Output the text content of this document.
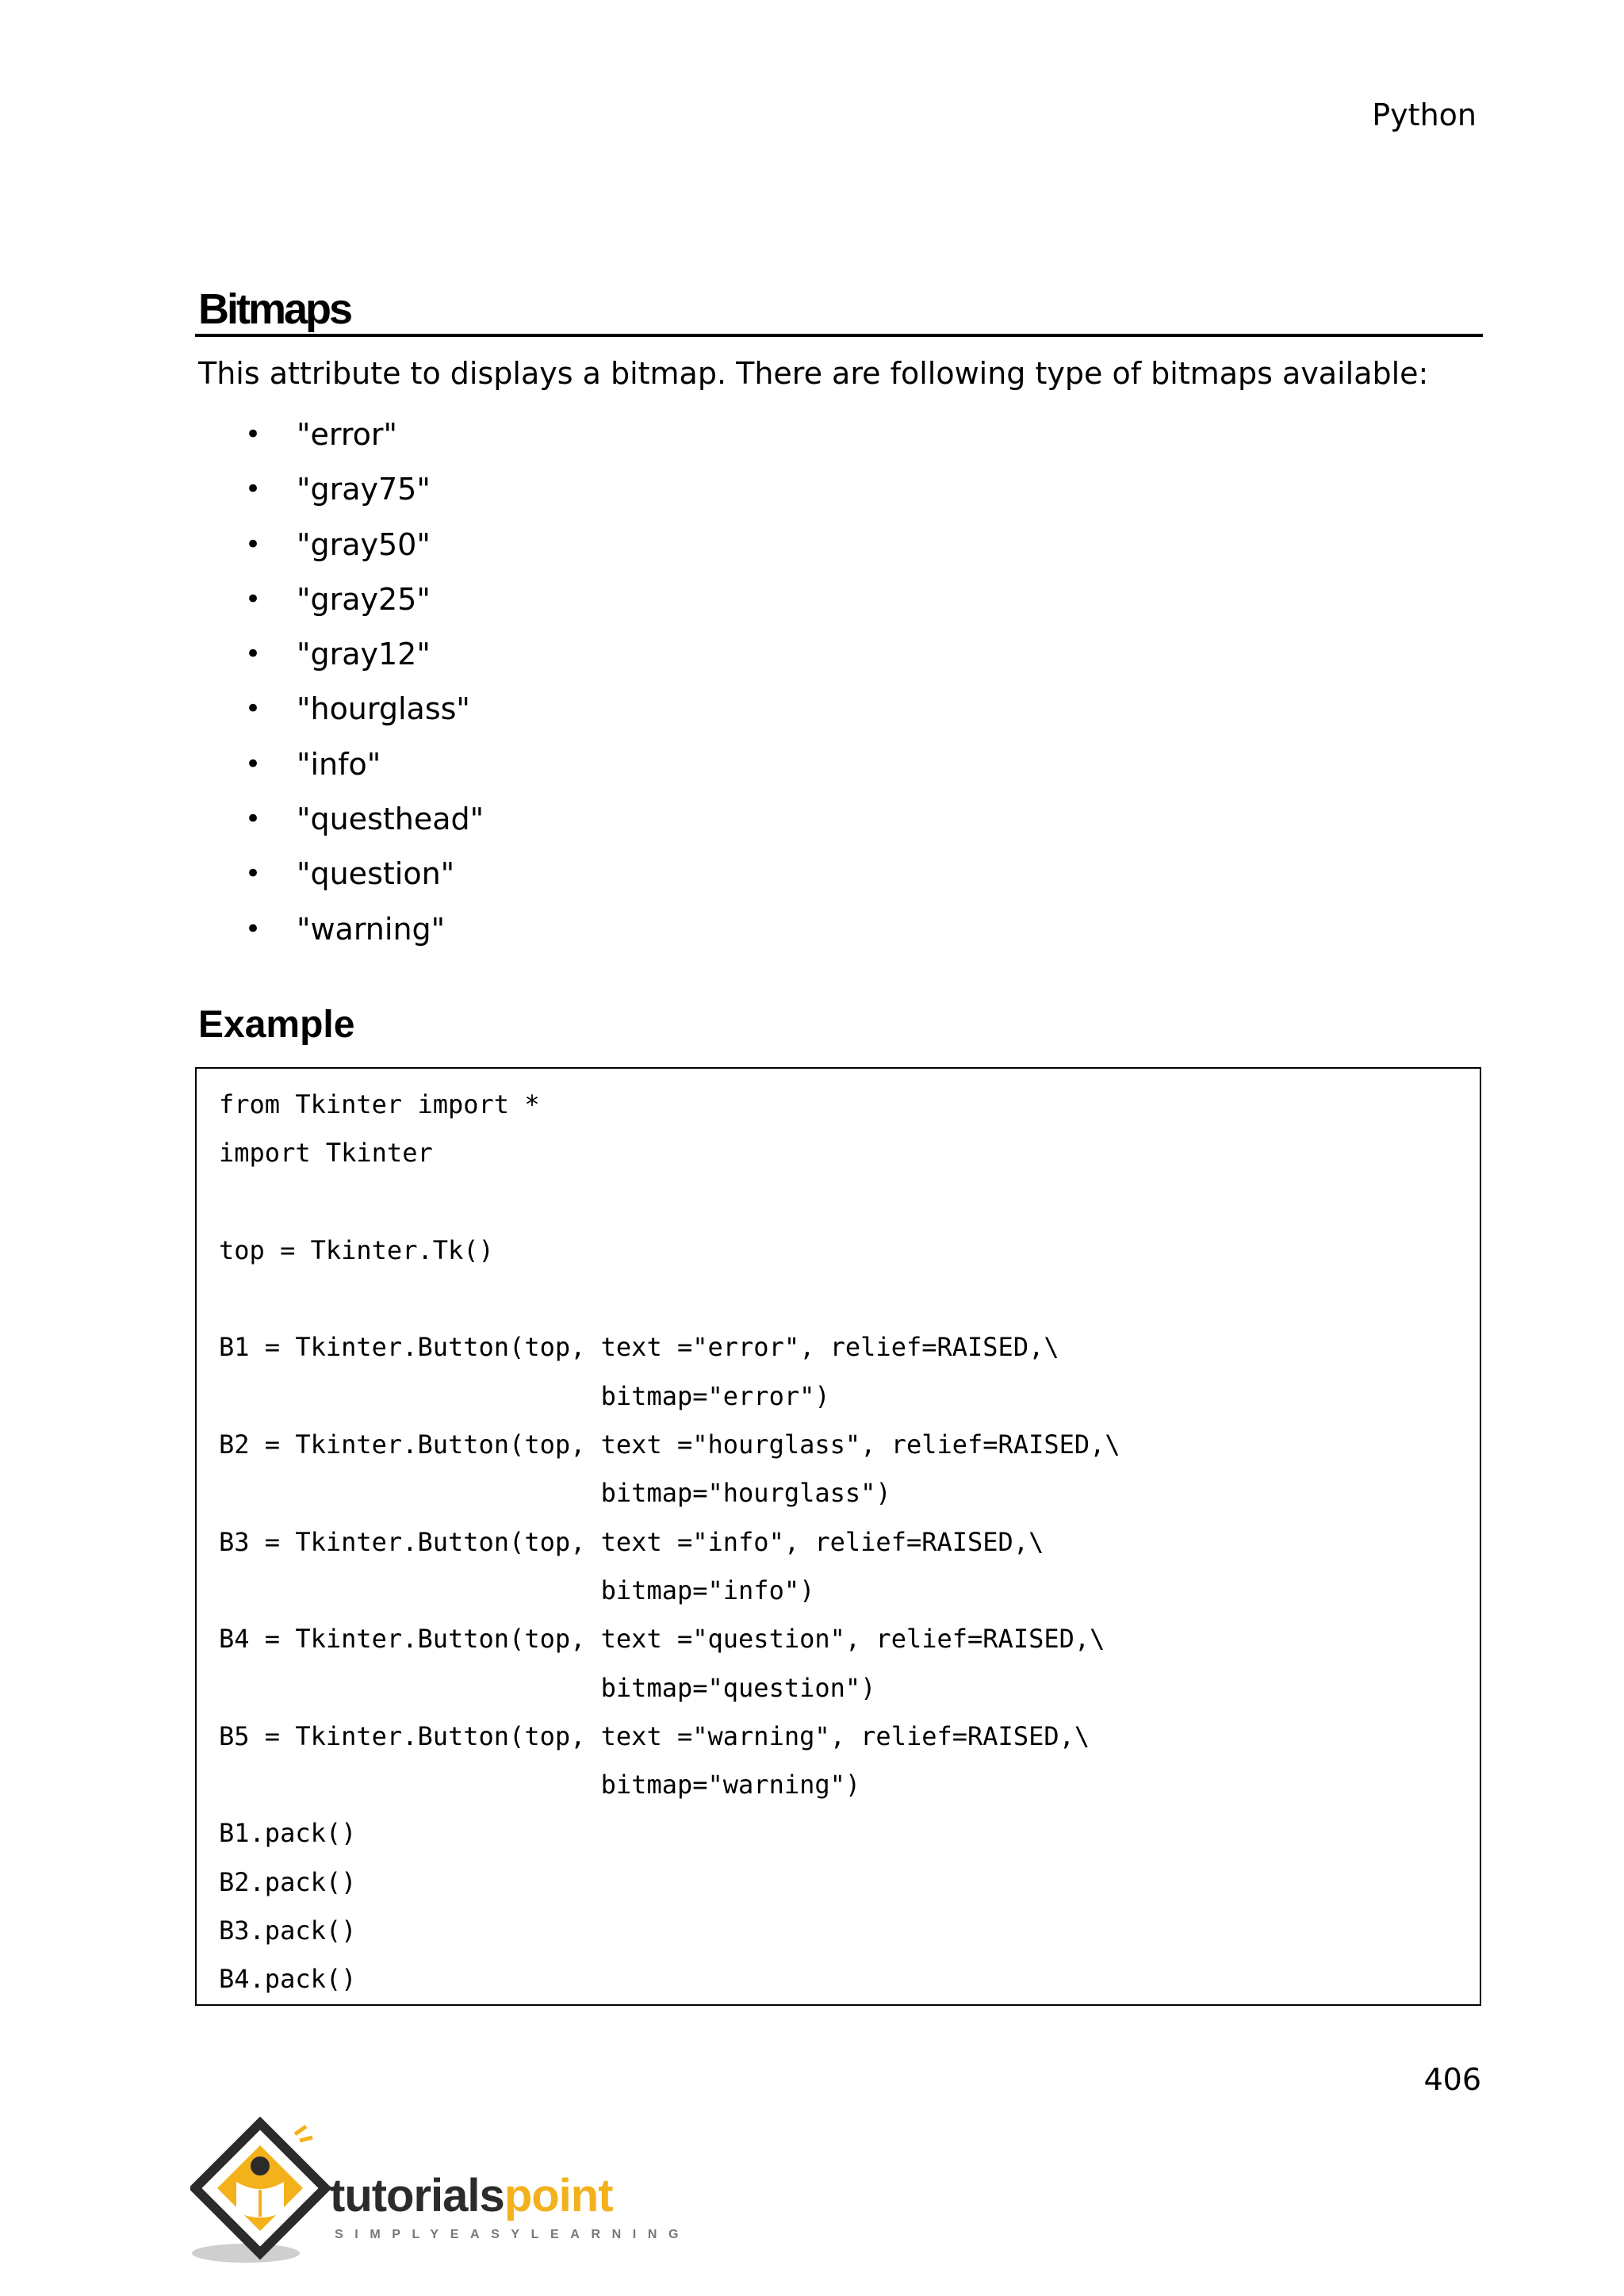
Python
Bitmaps
This attribute to displays a bitmap. There are following type of bitmaps available:
• "error"
• "gray75"
• "gray50"
• "gray25"
• "gray12"
• "hourglass"
• "info"
• "questhead"
• "question"
• "warning"
Example
from Tkinter import *
import Tkinter
top = Tkinter.Tk()
B1 = Tkinter.Button(top, text ="error", relief=RAISED,\
bitmap="error")
B2 = Tkinter.Button(top, text ="hourglass", relief=RAISED,\
bitmap="hourglass")
B3 = Tkinter.Button(top, text ="info", relief=RAISED,\
bitmap="info")
B4 = Tkinter.Button(top, text ="question", relief=RAISED,\
bitmap="question")
B5 = Tkinter.Button(top, text ="warning", relief=RAISED,\
bitmap="warning")
B1.pack()
B2.pack()
B3.pack()
B4.pack()
406
tutorialspoint
SIMPLYEASYLEARNING
